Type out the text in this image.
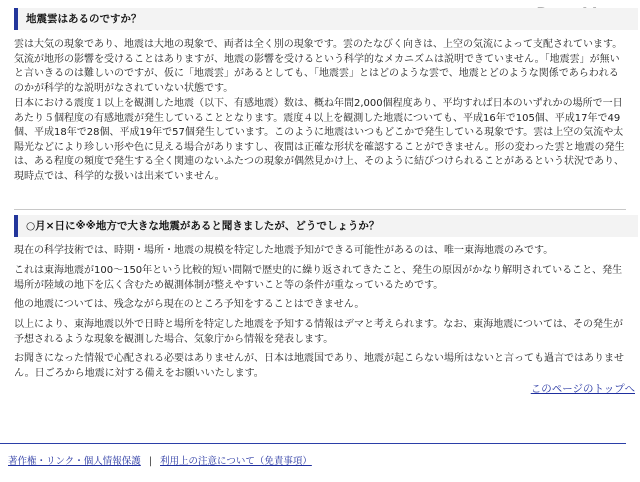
地震雲はあるのですか？

雲は大気の現象であり、地震は大地の現象で、両者は全く別の現象です。雲のたなびく向きは、上空の気流によって支配されています。気流が地形の影響を受けることはありますが、地震の影響を受けるという科学的なメカニズムは説明できていません。「地震雲」が無いと言いきるのは難しいのですが、仮に「地震雲」があるとしても、「地震雲」とはどのような雲で、地震とどのような関係であらわれるのかが科学的な説明がなされていない状態です。

日本における震度１以上を観測した地震（以下、有感地震）数は、概ね年間2,000個程度あり、平均すれば日本のいずれかの場所で一日あたり５個程度の有感地震が発生していることとなります。震度４以上を観測した地震についても、平成16年で105個、平成17年で49個、平成18年で28個、平成19年で57個発生しています。このように地震はいつもどこかで発生している現象です。雲は上空の気流や太陽光などにより珍しい形や色に見える場合がありますし、夜間は正確な形状を確認することができません。形の変わった雲と地震の発生は、ある程度の頻度で発生する全く関連のないふたつの現象が偶然見かけ上、そのように結びつけられることがあるという状況であり、現時点では、科学的な扱いは出来ていません。

○月×日に※※地方で大きな地震があると聞きましたが、どうでしょうか？

現在の科学技術では、時期・場所・地震の規模を特定した地震予知ができる可能性があるのは、唯一東海地震のみです。

これは東海地震が100～150年という比較的短い間隔で歴史的に繰り返されてきたこと、発生の原因がかなり解明されていること、発生場所が陸域の地下を広く含むため観測体制が整えやすいこと等の条件が重なっているためです。

他の地震については、残念ながら現在のところ予知をすることはできません。

以上により、東海地震以外で日時と場所を特定した地震を予知する情報はデマと考えられます。なお、東海地震については、その発生が予想されるような現象を観測した場合、気象庁から情報を発表します。

お聞きになった情報で心配される必要はありませんが、日本は地震国であり、地震が起こらない場所はないと言っても過言ではありません。日ごろから地震に対する備えをお願いいたします。

このページのトップへ
著作権・リンク・個人情報保護 | 利用上の注意について（免責事項）
